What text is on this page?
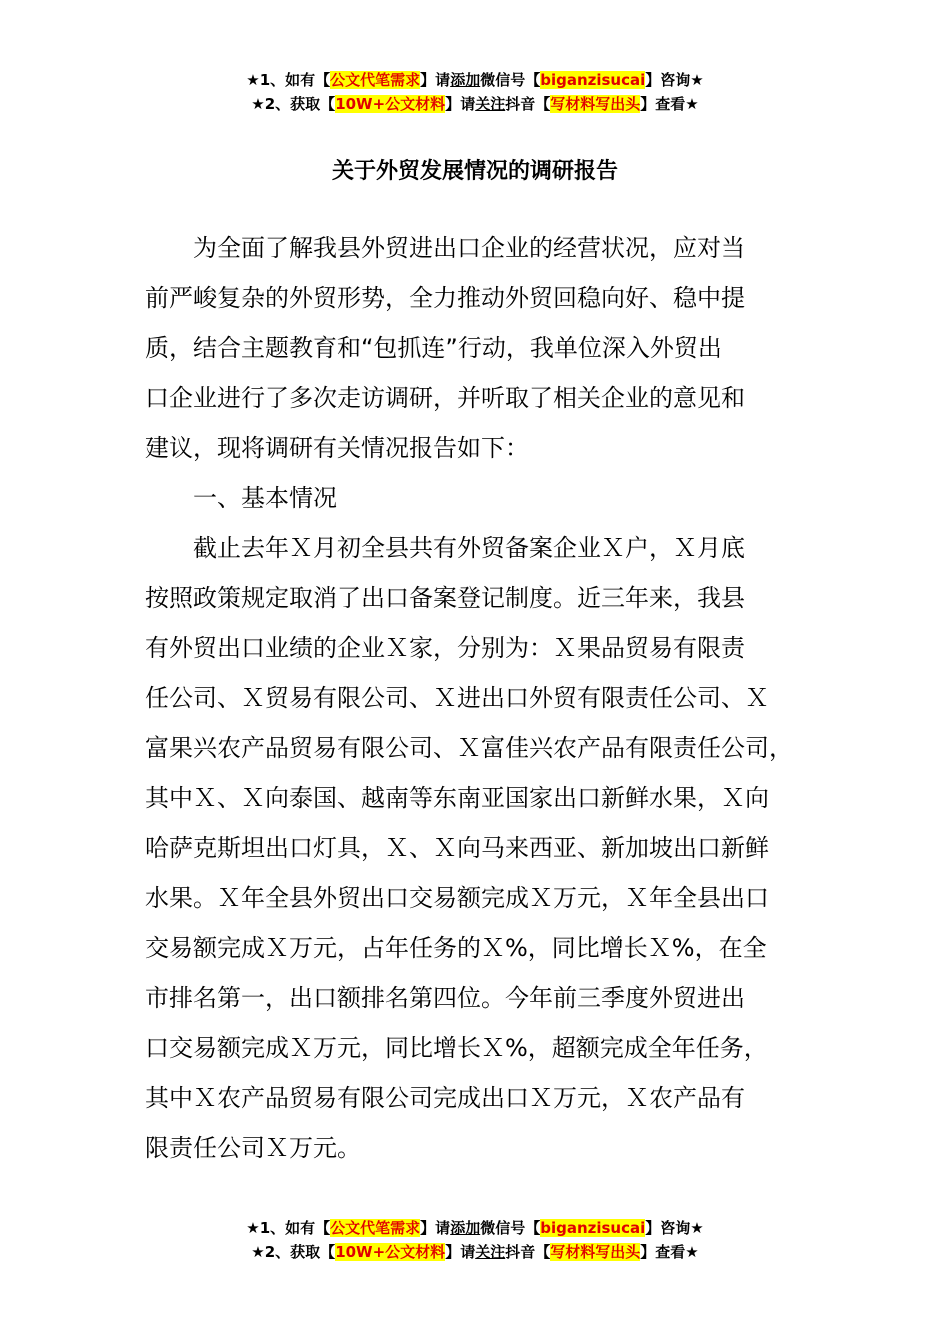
★1、如有【公文代笔需求】请添加微信号【biganzisucai】咨询★
★2、获取【10W+公文材料】请关注抖音【写材料写出头】查看★
关于外贸发展情况的调研报告
为全面了解我县外贸进出口企业的经营状况，应对当
前严峻复杂的外贸形势，全力推动外贸回稳向好、稳中提
质，结合主题教育和“包抓连”行动，我单位深入外贸出
口企业进行了多次走访调研，并听取了相关企业的意见和
建议，现将调研有关情况报告如下：
一、基本情况
截止去年Ｘ月初全县共有外贸备案企业Ｘ户，Ｘ月底
按照政策规定取消了出口备案登记制度。近三年来，我县
有外贸出口业绩的企业Ｘ家，分别为：Ｘ果品贸易有限责
任公司、Ｘ贸易有限公司、Ｘ进出口外贸有限责任公司、Ｘ
富果兴农产品贸易有限公司、Ｘ富佳兴农产品有限责任公司，
其中Ｘ、Ｘ向泰国、越南等东南亚国家出口新鲜水果，Ｘ向
哈萨克斯坦出口灯具，Ｘ、Ｘ向马来西亚、新加坡出口新鲜
水果。Ｘ年全县外贸出口交易额完成Ｘ万元，Ｘ年全县出口
交易额完成Ｘ万元，占年任务的Ｘ%，同比增长Ｘ%，在全
市排名第一，出口额排名第四位。今年前三季度外贸进出
口交易额完成Ｘ万元，同比增长Ｘ%，超额完成全年任务，
其中Ｘ农产品贸易有限公司完成出口Ｘ万元，Ｘ农产品有
限责任公司Ｘ万元。
★1、如有【公文代笔需求】请添加微信号【biganzisucai】咨询★
★2、获取【10W+公文材料】请关注抖音【写材料写出头】查看★
